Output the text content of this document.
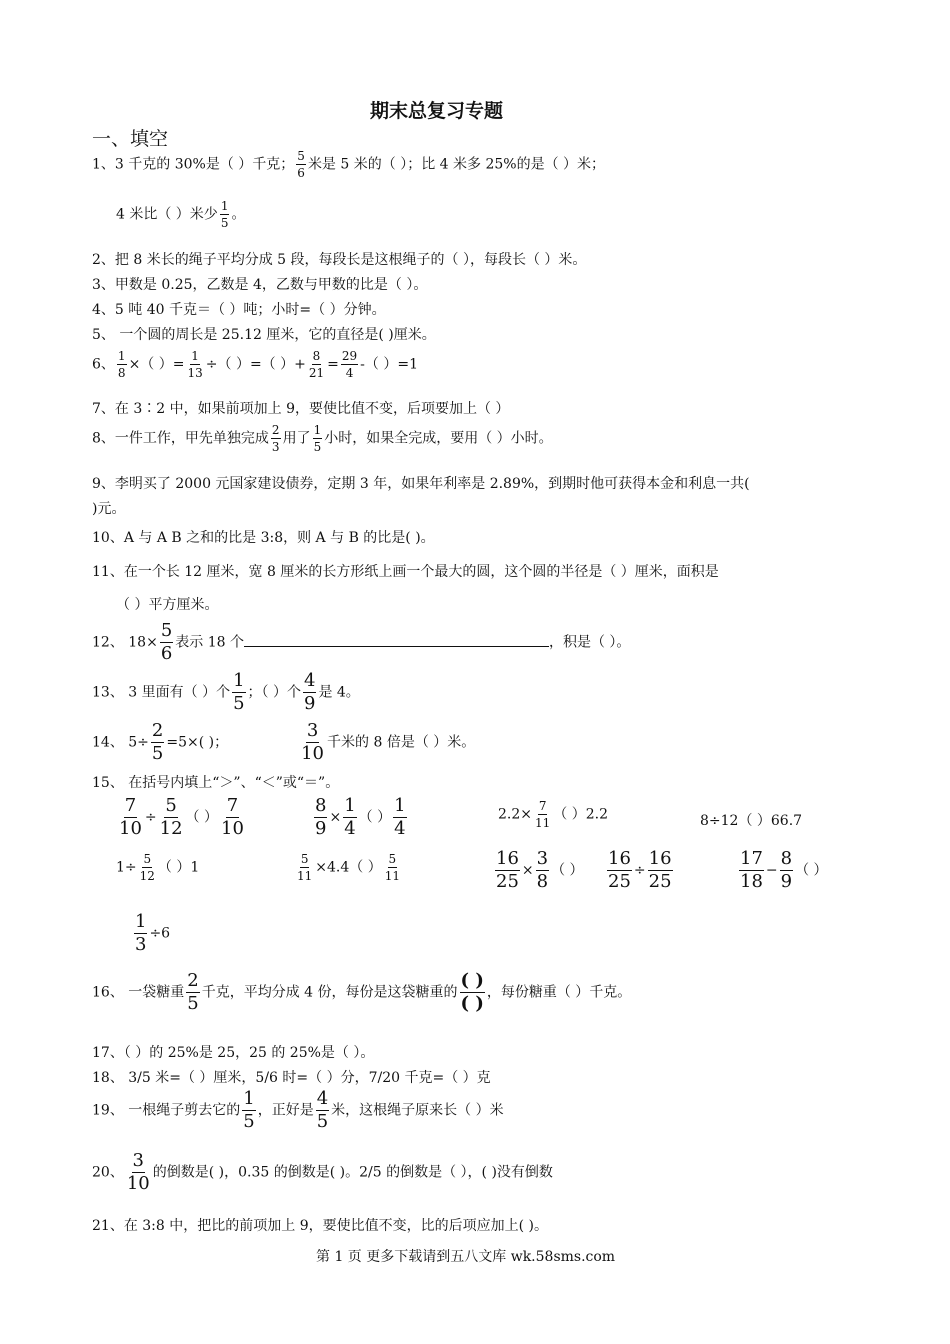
期末总复习专题
一、填空
1、3 千克的 30%是（ ）千克； $\frac{5}{6}$ 米是 5 米的（ ）；比 4 米多 25%的是（ ）米；
4 米比（ ）米少 $\frac{1}{5}$ 。
2、把 8 米长的绳子平均分成 5 段，每段长是这根绳子的（ ），每段长（ ）米。
3、甲数是 0.25，乙数是 4，乙数与甲数的比是（ ）。
4、5 吨 40 千克＝（ ）吨；小时=（ ）分钟。
5、 一个圆的周长是 25.12 厘米，它的直径是( )厘米。
6、 $\frac{1}{8}$ ×（ ）= $\frac{1}{13}$ ÷（ ）=（ ）+ $\frac{8}{21} = \frac{29}{4}$ -（ ）=1
7、在 3∶2 中，如果前项加上 9，要使比值不变，后项要加上（ ）
8、一件工作，甲先单独完成 $\frac{2}{3}$ 用了 $\frac{1}{5}$ 小时，如果全完成，要用（ ）小时。
9、李明买了 2000 元国家建设债券，定期 3 年，如果年利率是 2.89%，到期时他可获得本金和利息一共(
)元。
10、A 与 A B 之和的比是 3:8，则 A 与 B 的比是( )。
11、在一个长 12 厘米，宽 8 厘米的长方形纸上画一个最大的圆，这个圆的半径是（ ）厘米，面积是
（ ）平方厘米。
12、 $18\times \frac{5}{6}$ 表示 18 个	，积是（ ）。
13、 3 里面有（ ）个 $\frac{1}{5}$ ；（ ）个 $\frac{4}{9}$ 是 4。
14、 $5\div \frac{2}{5} =5\times$( )；	$\frac{3}{10}$ 千米的 8 倍是（ ）米。
15、 在括号内填上“＞”、“＜”或“＝”。
$\frac{7}{10} \div \frac{5}{12}$ （ ） $\frac{7}{10}$	$\frac{8}{9} \times \frac{1}{4}$ （ ） $\frac{1}{4}$	$2.2\times \frac{7}{11}$ （ ）2.2	8÷12（ ）66.7
$1\div \frac{5}{12}$ （ ）1	$\frac{5}{11} \times 4.4$（ ） $\frac{5}{11}$	$\frac{16}{25} \times \frac{3}{8}$ （ ） $\frac{16}{25} \div \frac{16}{25}$	$\frac{17}{18} - \frac{8}{9}$ （ ）
$\frac{1}{3} \div 6$
16、 一袋糖重 $\frac{2}{5}$ 千克，平均分成 4 份，每份是这袋糖重的 $\frac{( )}{( )}$ ，每份糖重（ ）千克。
17、（ ）的 25%是 25，25 的 25%是（ ）。
18、 3/5 米=（ ）厘米，5/6 时=（ ）分，7/20 千克=（ ）克
19、 一根绳子剪去它的 $\frac{1}{5}$ ，正好是 $\frac{4}{5}$ 米，这根绳子原来长（ ）米
20、 $\frac{3}{10}$ 的倒数是( )，0.35 的倒数是( )。2/5 的倒数是（ ），( )没有倒数
21、在 3:8 中，把比的前项加上 9，要使比值不变，比的后项应加上( )。
第 1 页 更多下载请到五八文库 wk.58sms.com
